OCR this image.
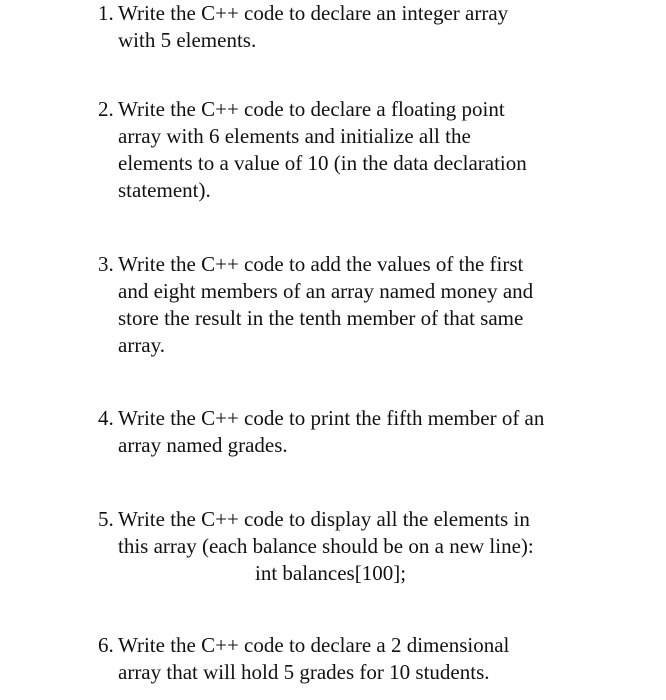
1. Write the C++ code to declare an integer array
with 5 elements.
2. Write the C++ code to declare a floating point
array with 6 elements and initialize all the
elements to a value of 10 (in the data declaration
statement).
3. Write the C++ code to add the values of the first
and eight members of an array named money and
store the result in the tenth member of that same
array.
4. Write the C++ code to print the fifth member of an
array named grades.
5. Write the C++ code to display all the elements in
this array (each balance should be on a new line):
int balances[100];
6. Write the C++ code to declare a 2 dimensional
array that will hold 5 grades for 10 students.
